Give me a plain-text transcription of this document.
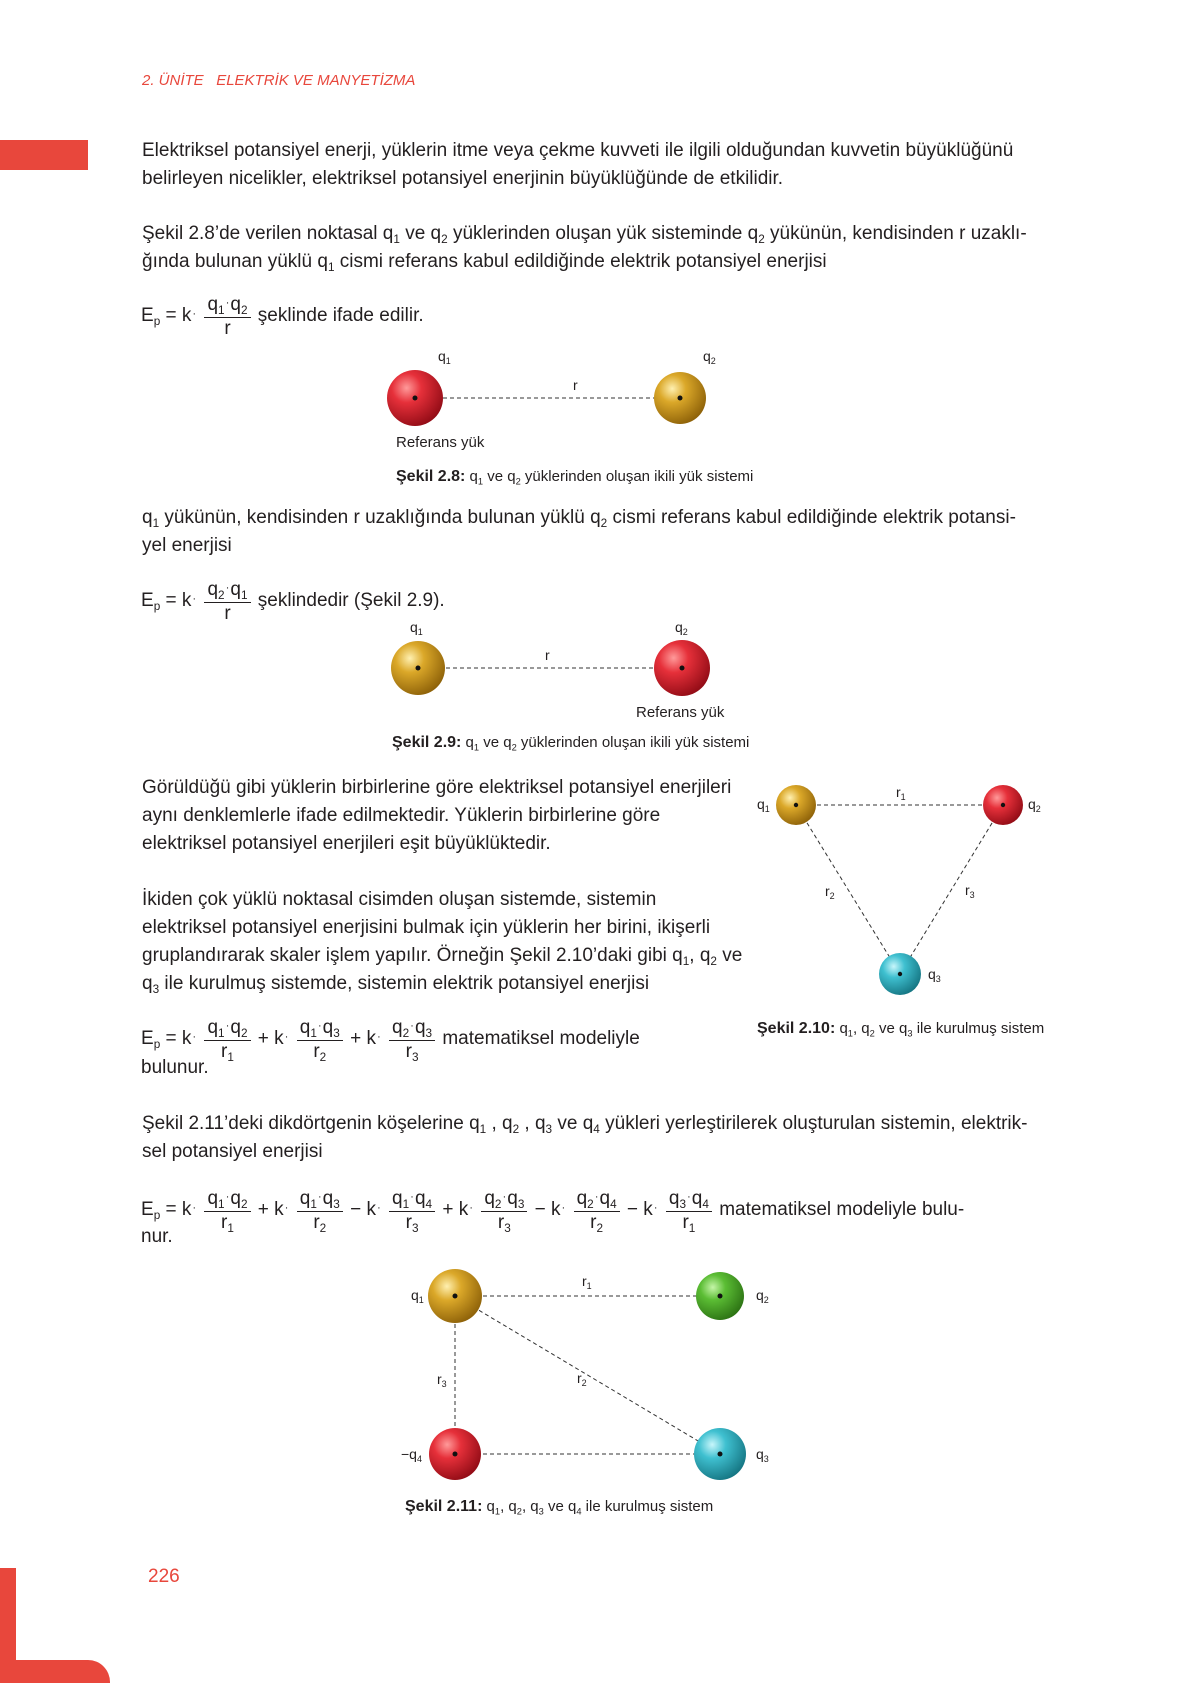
2. ÜNİTE ELEKTRİK VE MANYETİZMA
Elektriksel potansiyel enerji, yüklerin itme veya çekme kuvveti ile ilgili olduğundan kuvvetin büyüklüğünü belirleyen nicelikler, elektriksel potansiyel enerjinin büyüklüğünde de etkilidir.
Şekil 2.8’de verilen noktasal $q_1$ ve $q_2$ yüklerinden oluşan yük sisteminde $q_2$ yükünün, kendisinden r uzaklı-
ğında bulunan yüklü $q_1$ cismi referans kabul edildiğinde elektrik potansiyel enerjisi
$E_p = k^\cdot \frac{q_1^\cdot q_2}{r}$ şeklinde ifade edilir.
$q_1$	$q_2$
r
Referans yük
Şekil 2.8: $q_1$ ve $q_2$ yüklerinden oluşan ikili yük sistemi
$q_1$ yükünün, kendisinden r uzaklığında bulunan yüklü $q_2$ cismi referans kabul edildiğinde elektrik potansi-
yel enerjisi
$E_p = k^\cdot \frac{q_2^\cdot q_1}{r}$ şeklindedir (Şekil 2.9).
$q_1$	$q_2$
r
Referans yük
Şekil 2.9: $q_1$ ve $q_2$ yüklerinden oluşan ikili yük sistemi
Görüldüğü gibi yüklerin birbirlerine göre elektriksel potansiyel enerjileri aynı denklemlerle ifade edilmektedir. Yüklerin birbirlerine göre elektriksel potansiyel enerjileri eşit büyüklüktedir.
İkiden çok yüklü noktasal cisimden oluşan sistemde, sistemin elektriksel potansiyel enerjisini bulmak için yüklerin her birini, ikişerli gruplandırarak skaler işlem yapılır. Örneğin Şekil 2.10’daki gibi $q_1$, $q_2$ ve $q_3$ ile kurulmuş sistemde, sistemin elektrik potansiyel enerjisi
$E_p = k^\cdot \frac{q_1^\cdot q_2}{r_1} + k^\cdot \frac{q_1^\cdot q_3}{r_2} + k^\cdot \frac{q_2^\cdot q_3}{r_3}$ matematiksel modeliyle
bulunur.
$q_1$	$q_2$
$q_3$
$r_1$
$r_2$	$r_3$
Şekil 2.10: $q_1$, $q_2$ ve $q_3$ ile kurulmuş sistem
Şekil 2.11’deki dikdörtgenin köşelerine $q_1$ , $q_2$ , $q_3$ ve $q_4$ yükleri yerleştirilerek oluşturulan sistemin, elektrik-
sel potansiyel enerjisi
$E_p = k^\cdot \frac{q_1^\cdot q_2}{r_1} + k^\cdot \frac{q_1^\cdot q_3}{r_2} - k^\cdot \frac{q_1^\cdot q_4}{r_3} + k^\cdot \frac{q_2^\cdot q_3}{r_3} - k^\cdot \frac{q_2^\cdot q_4}{r_2} - k^\cdot \frac{q_3^\cdot q_4}{r_1}$ matematiksel modeliyle bulu-
nur.
$q_1$	$q_2$
$q_3$
$-q_4$
$r_1$
$r_3$	$r_2$
Şekil 2.11: $q_1$, $q_2$, $q_3$ ve $q_4$ ile kurulmuş sistem
226
